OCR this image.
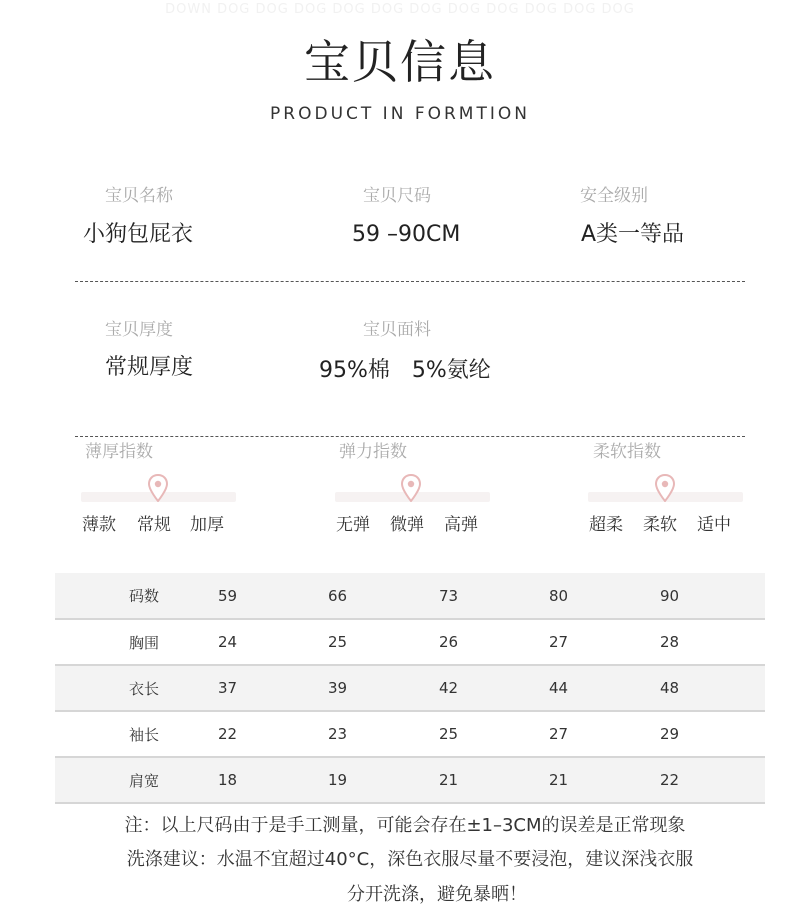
DOWN DOG DOG DOG DOG DOG DOG DOG DOG DOG DOG DOG
宝贝信息
PRODUCT IN FORMTION
宝贝名称
小狗包屁衣
宝贝尺码
59 –90CM
安全级别
A类一等品
宝贝厚度
常规厚度
宝贝面料
95%棉　5%氨纶
薄厚指数
薄款 常规 加厚
弹力指数
无弹 微弹 高弹
柔软指数
超柔 柔软 适中
码数	59	66	73	80	90
胸围	24	25	26	27	28
衣长	37	39	42	44	48
袖长	22	23	25	27	29
肩宽	18	19	21	21	22
注：以上尺码由于是手工测量，可能会存在±1–3CM的误差是正常现象
洗涤建议：水温不宜超过40°C，深色衣服尽量不要浸泡，建议深浅衣服
分开洗涤，避免暴晒！
